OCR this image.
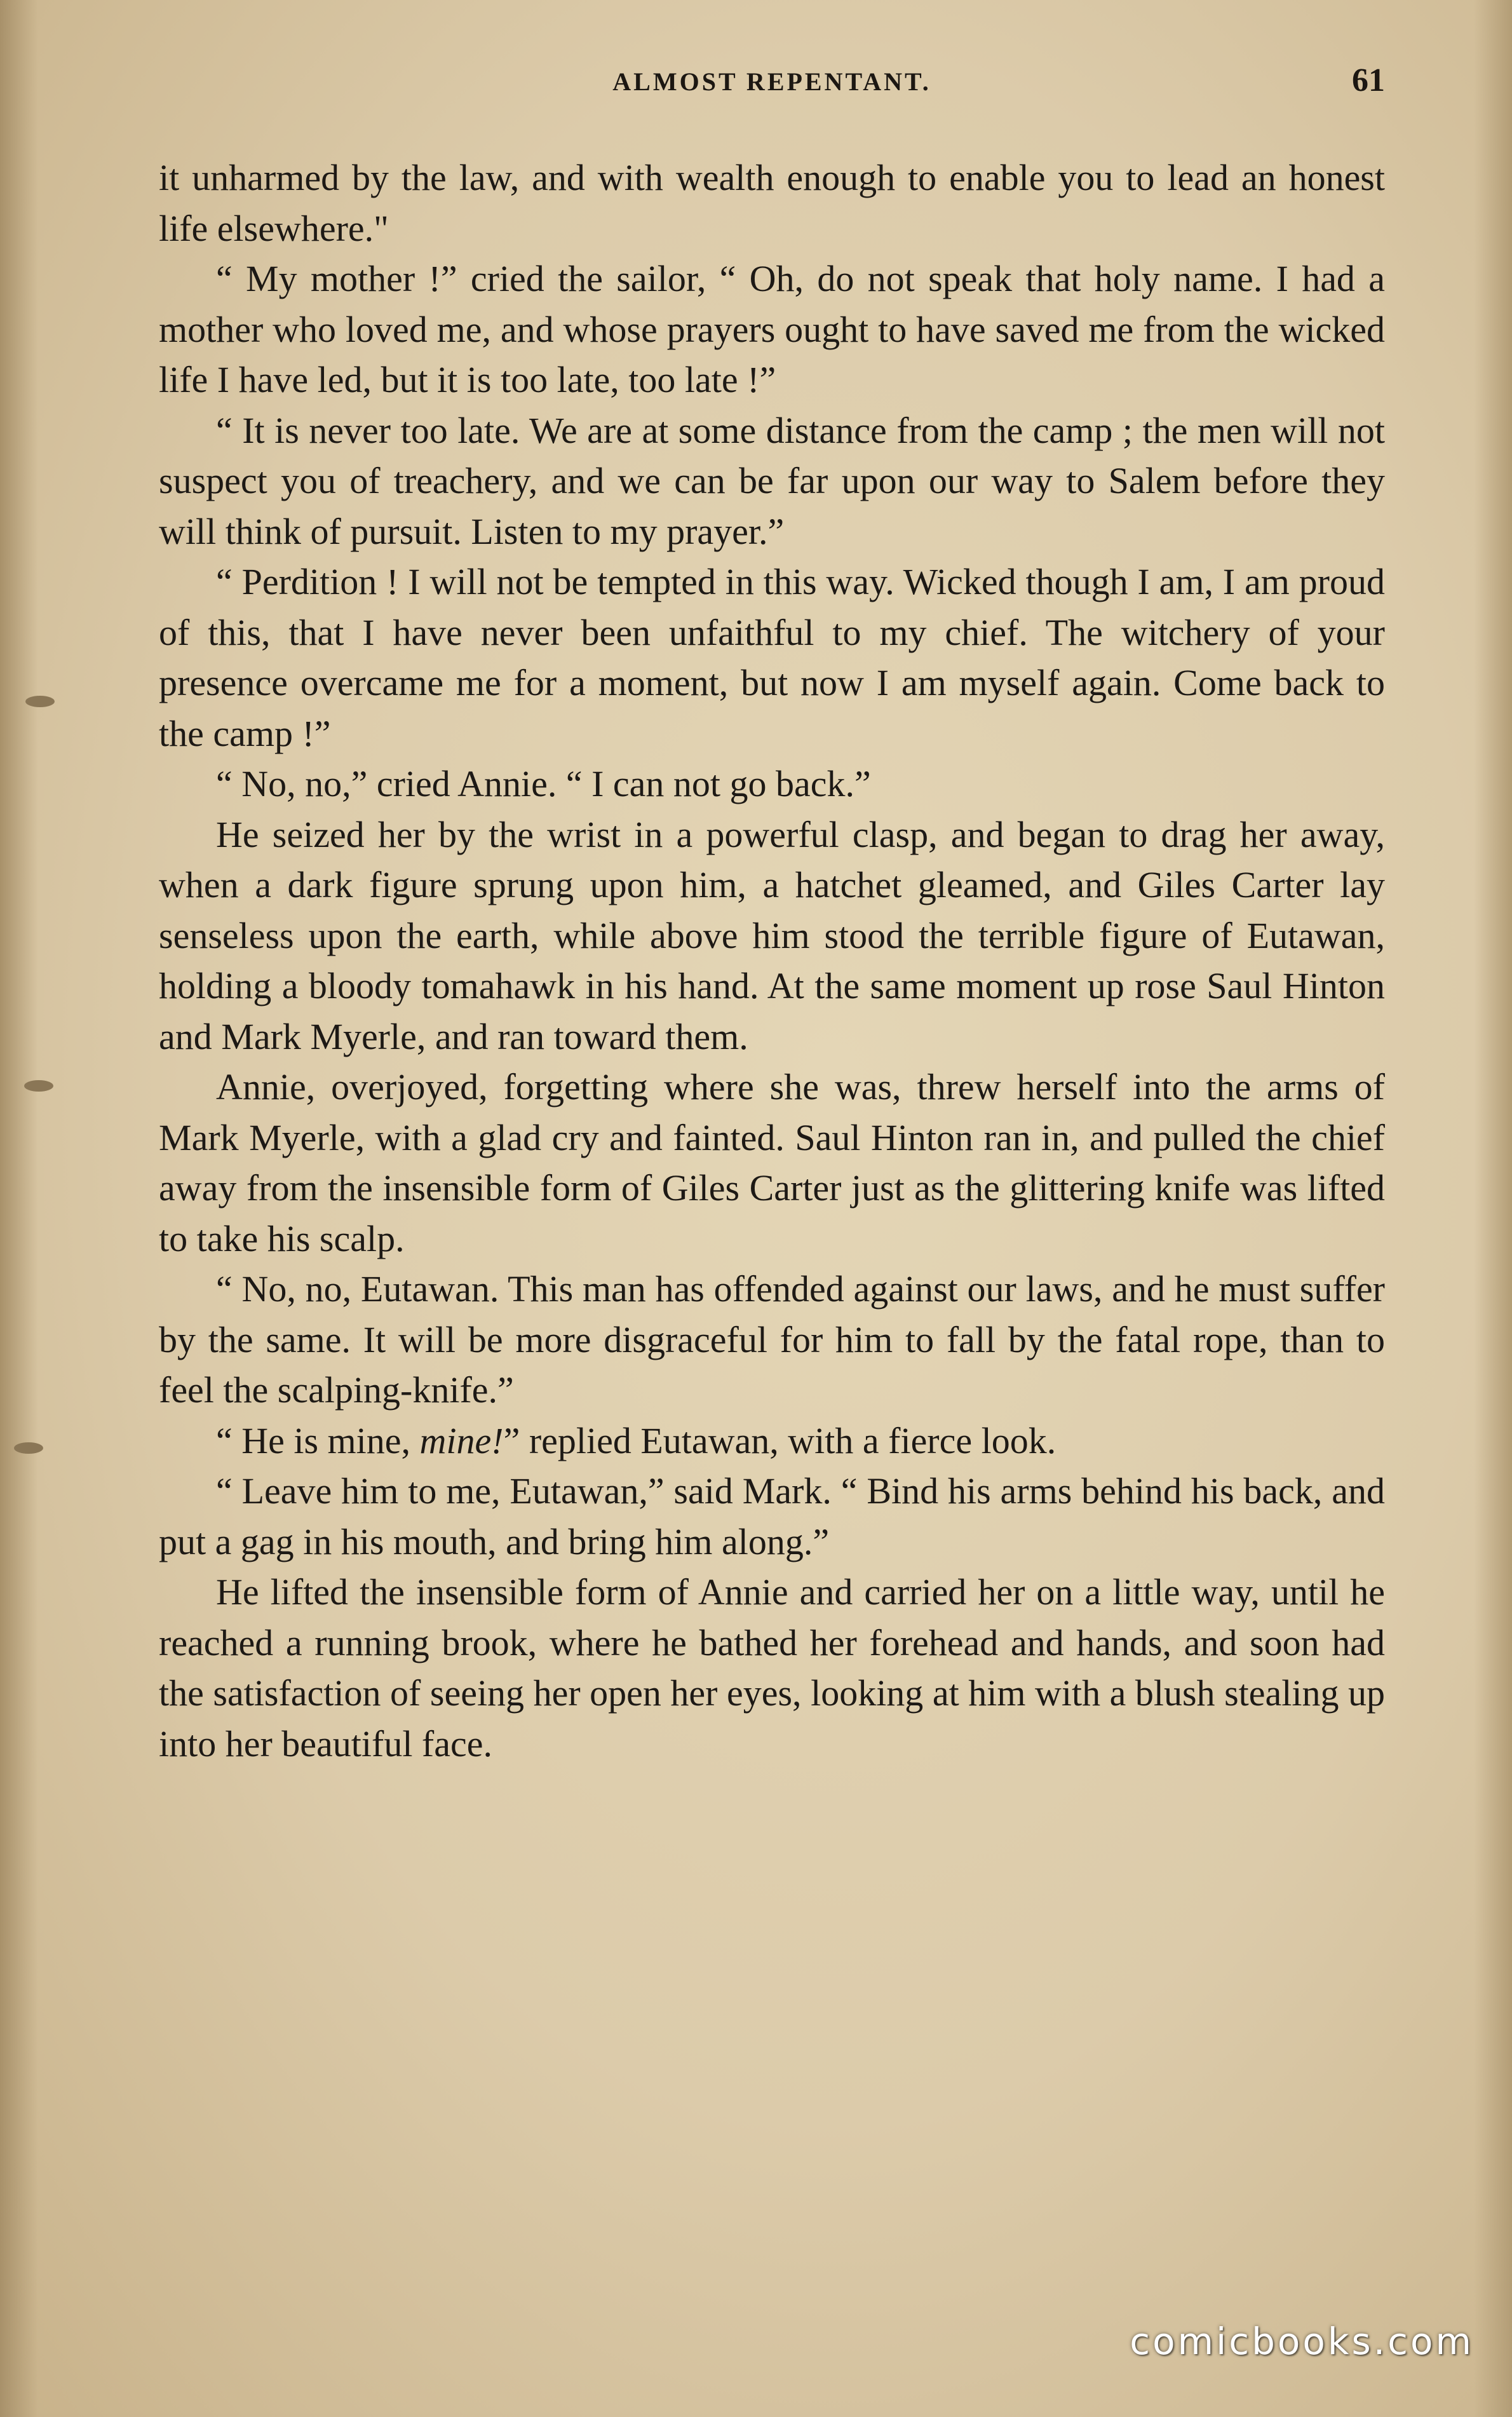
ALMOST REPENTANT.	61

it unharmed by the law, and with wealth enough to enable you to lead an honest life elsewhere."

“ My mother !” cried the sailor, “ Oh, do not speak that holy name. I had a mother who loved me, and whose prayers ought to have saved me from the wicked life I have led, but it is too late, too late !”

“ It is never too late. We are at some distance from the camp ; the men will not suspect you of treachery, and we can be far upon our way to Salem before they will think of pursuit. Listen to my prayer.”

“ Perdition ! I will not be tempted in this way. Wicked though I am, I am proud of this, that I have never been unfaithful to my chief. The witchery of your presence overcame me for a moment, but now I am myself again. Come back to the camp !”

“ No, no,” cried Annie. “ I can not go back.”

He seized her by the wrist in a powerful clasp, and began to drag her away, when a dark figure sprung upon him, a hatchet gleamed, and Giles Carter lay senseless upon the earth, while above him stood the terrible figure of Eutawan, holding a bloody tomahawk in his hand. At the same moment up rose Saul Hinton and Mark Myerle, and ran toward them.

Annie, overjoyed, forgetting where she was, threw herself into the arms of Mark Myerle, with a glad cry and fainted. Saul Hinton ran in, and pulled the chief away from the insensible form of Giles Carter just as the glittering knife was lifted to take his scalp.

“ No, no, Eutawan. This man has offended against our laws, and he must suffer by the same. It will be more disgraceful for him to fall by the fatal rope, than to feel the scalping-knife.”

“ He is mine, mine!” replied Eutawan, with a fierce look.

“ Leave him to me, Eutawan,” said Mark. “ Bind his arms behind his back, and put a gag in his mouth, and bring him along.”

He lifted the insensible form of Annie and carried her on a little way, until he reached a running brook, where he bathed her forehead and hands, and soon had the satisfaction of seeing her open her eyes, looking at him with a blush stealing up into her beautiful face.

comicbooks.com
